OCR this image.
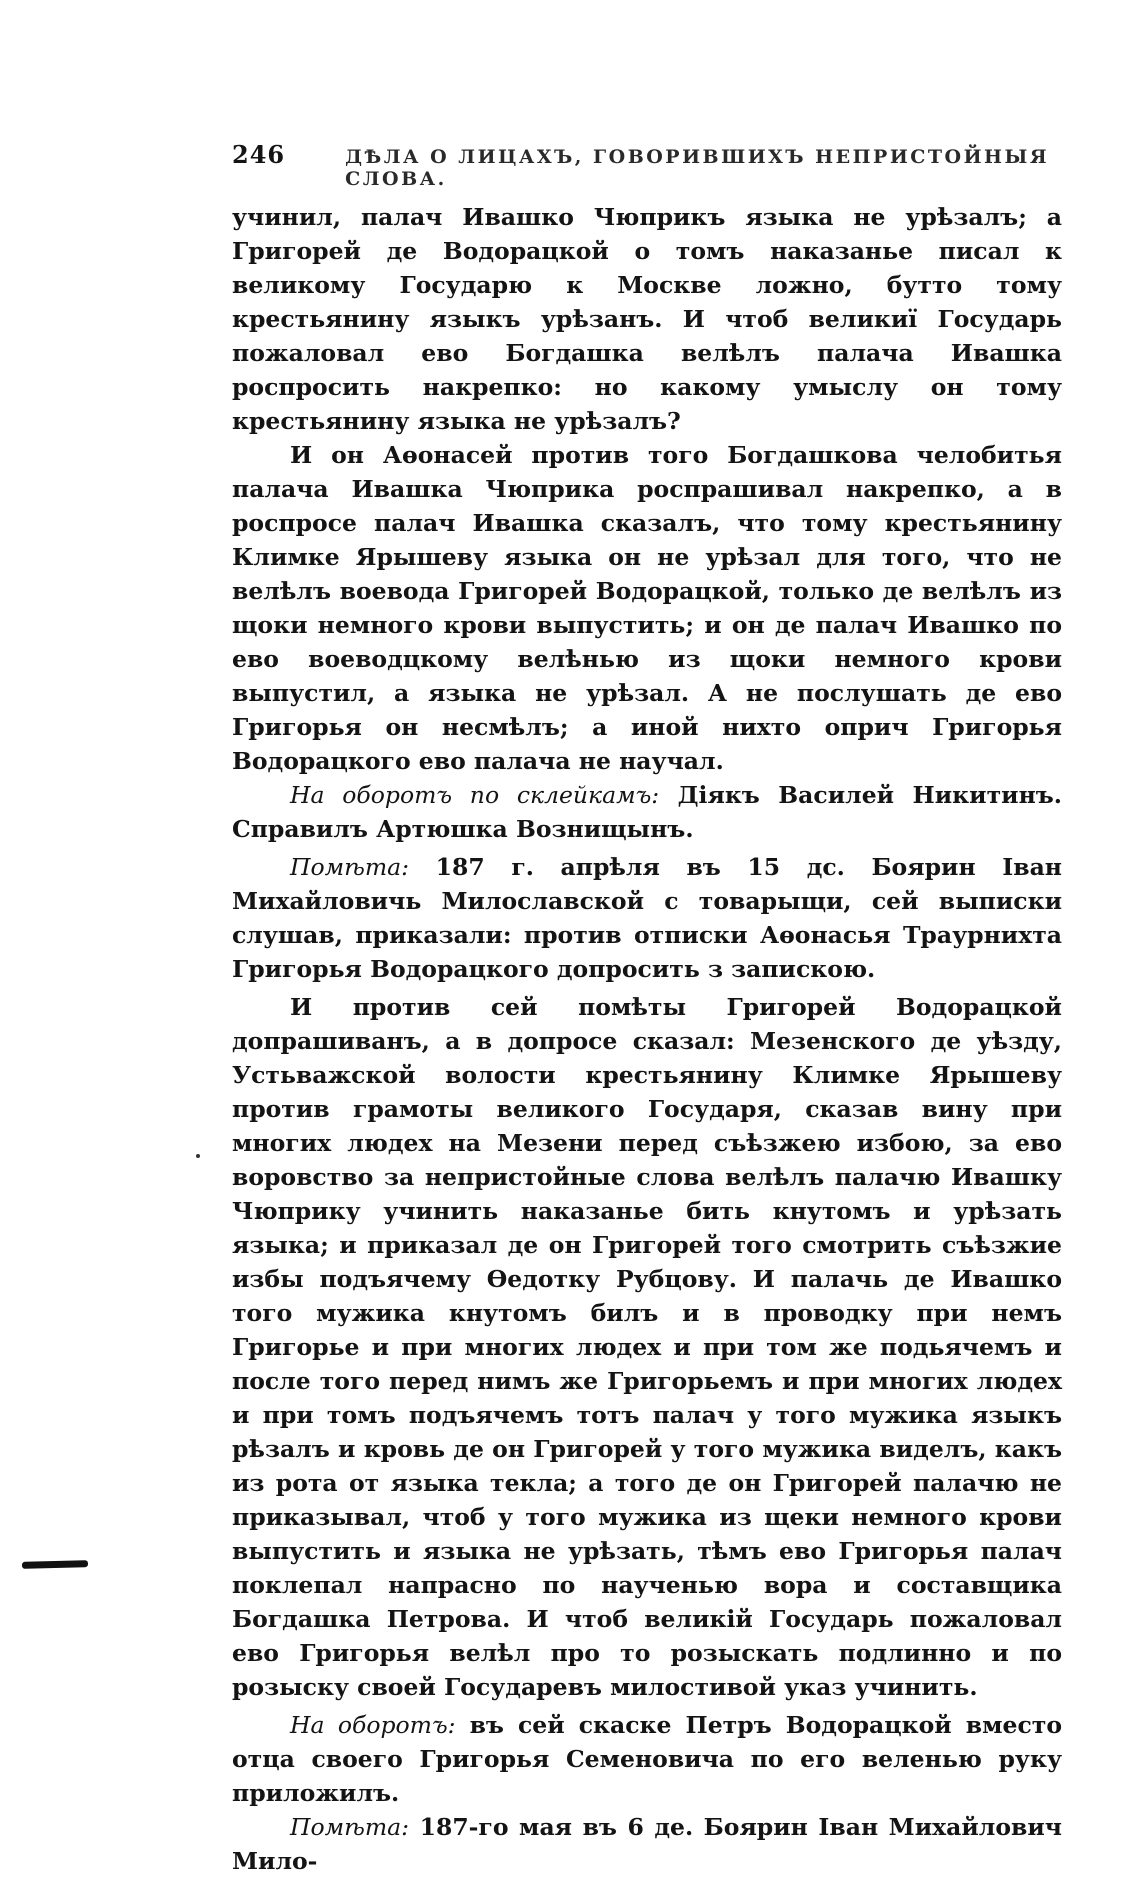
246	ДѢЛА О ЛИЦАХЪ, ГОВОРИВШИХЪ НЕПРИСТОЙНЫЯ СЛОВА.

учинил, палач Ивашко Чюприкъ языка не урѣзалъ; а Григорей де Водорацкой о томъ наказанье писал к великому Государю к Москве ложно, бутто тому крестьянину языкъ урѣзанъ. И чтоб великиї Государь пожаловал ево Богдашка велѣлъ палача Ивашка роспросить накрепко: но какому умыслу он тому крестьянину языка не урѣзалъ?

И он Аөонасей против того Богдашкова челобитья палача Ивашка Чюприка роспрашивал накрепко, а в роспросе палач Ивашка сказалъ, что тому крестьянину Климке Ярышеву языка он не урѣзал для того, что не велѣлъ воевода Григорей Водорацкой, только де велѣлъ из щоки немного крови выпустить; и он де палач Ивашко по ево воеводцкому велѣнью из щоки немного крови выпустил, а языка не урѣзал. А не послушать де ево Григорья он несмѣлъ; а иной нихто оприч Григорья Водорацкого ево палача не научал.

На оборотъ по склейкамъ: Діякъ Василей Никитинъ. Справилъ Артюшка Вознищынъ.

Помѣта: 187 г. апрѣля въ 15 дс. Боярин Іван Михайловичь Милославской с товарыщи, сей выписки слушав, приказали: против отписки Аөонасья Траурнихта Григорья Водорацкого допросить з запискою.

И против сей помѣты Григорей Водорацкой допрашиванъ, а в допросе сказал: Мезенского де уѣзду, Устьважской волости крестьянину Климке Ярышеву против грамоты великого Государя, сказав вину при многих людех на Мезени перед съѣзжею избою, за ево воровство за непристойные слова велѣлъ палачю Ивашку Чюприку учинить наказанье бить кнутомъ и урѣзать языка; и приказал де он Григорей того смотрить съѣзжие избы подъячему Өедотку Рубцову. И палачь де Ивашко того мужика кнутомъ билъ и в проводку при немъ Григорье и при многих людех и при том же подьячемъ и после того перед нимъ же Григорьемъ и при многих людех и при томъ подъячемъ тотъ палач у того мужика языкъ рѣзалъ и кровь де он Григорей у того мужика виделъ, какъ из рота от языка текла; а того де он Григорей палачю не приказывал, чтоб у того мужика из щеки немного крови выпустить и языка не урѣзать, тѣмъ ево Григорья палач поклепал напрасно по наученью вора и составщика Богдашка Петрова. И чтоб великій Государь пожаловал ево Григорья велѣл про то розыскать подлинно и по розыску своей Государевъ милостивой указ учинить.

На оборотъ: въ сей скаске Петръ Водорацкой вместо отца своего Григорья Семеновича по его веленью руку приложилъ.

Помѣта: 187-го мая въ 6 де. Боярин Іван Михайлович Мило-
